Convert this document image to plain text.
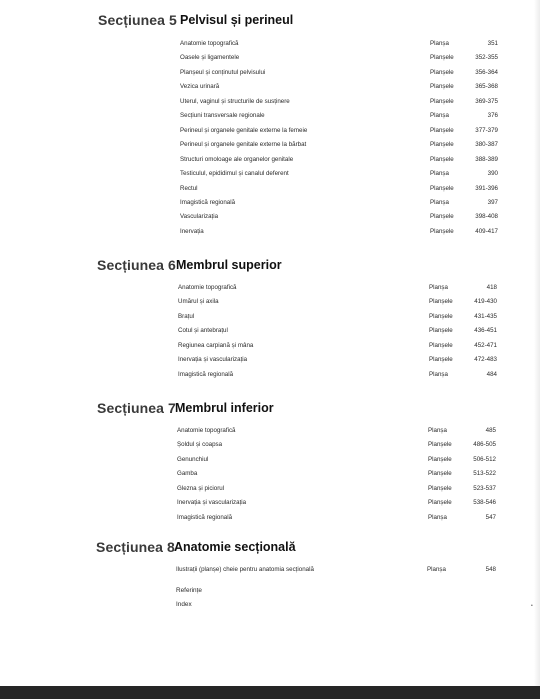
Secțiunea 5 Pelvisul și perineul
Anatomie topografică	Planșa	351
Oasele și ligamentele	Planșele	352-355
Planșeul și conținutul pelvisului	Planșele	356-364
Vezica urinară	Planșele	365-368
Uterul, vaginul și structurile de susținere	Planșele	369-375
Secțiuni transversale regionale	Planșa	376
Perineul și organele genitale externe la femeie	Planșele	377-379
Perineul și organele genitale externe la bărbat	Planșele	380-387
Structuri omoloage ale organelor genitale	Planșele	388-389
Testiculul, epididimul și canalul deferent	Planșa	390
Rectul	Planșele	391-396
Imagistică regională	Planșa	397
Vascularizația	Planșele	398-408
Inervația	Planșele	409-417
Secțiunea 6 Membrul superior
Anatomie topografică	Planșa	418
Umărul și axila	Planșele	419-430
Brațul	Planșele	431-435
Cotul și antebrațul	Planșele	436-451
Regiunea carpiană și mâna	Planșele	452-471
Inervația și vascularizația	Planșele	472-483
Imagistică regională	Planșa	484
Secțiunea 7 Membrul inferior
Anatomie topografică	Planșa	485
Șoldul și coapsa	Planșele	486-505
Genunchiul	Planșele	506-512
Gamba	Planșele	513-522
Glezna și piciorul	Planșele	523-537
Inervația și vascularizația	Planșele	538-546
Imagistică regională	Planșa	547
Secțiunea 8 Anatomie secțională
Ilustrații (planșe) cheie pentru anatomia secțională	Planșa	548
Referințe
Index	•
